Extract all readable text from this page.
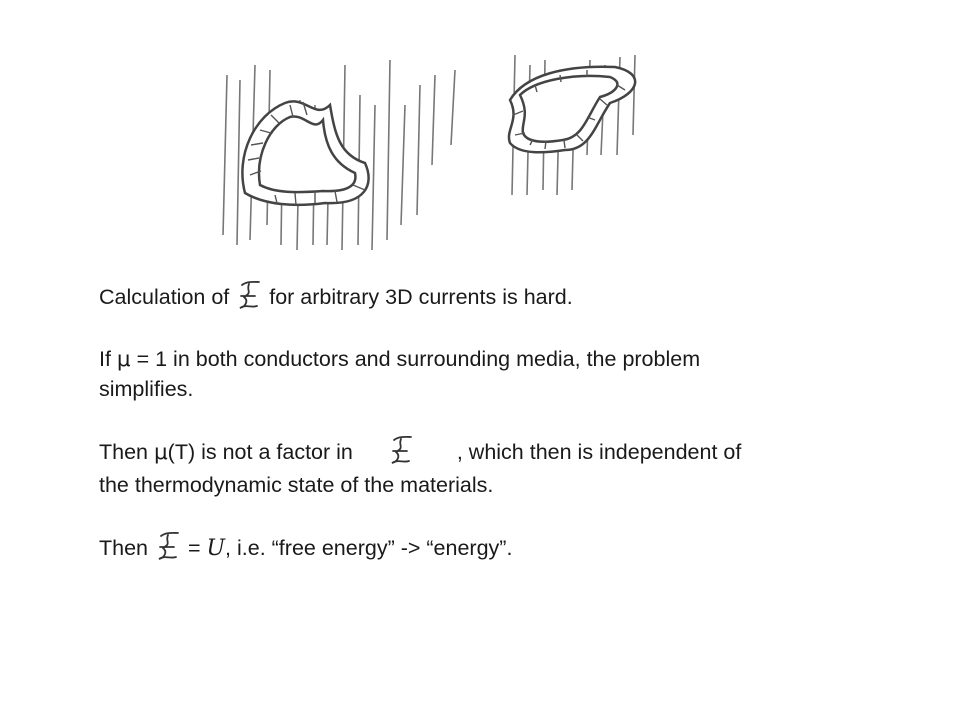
Calculation of  for arbitrary 3D currents is hard.
If μ = 1 in both conductors and surrounding media, the problem
simplifies.
Then μ(T) is not a factor in	, which then is independent of
the thermodynamic state of the materials.
Then  = U, i.e. “free energy” -> “energy”.
